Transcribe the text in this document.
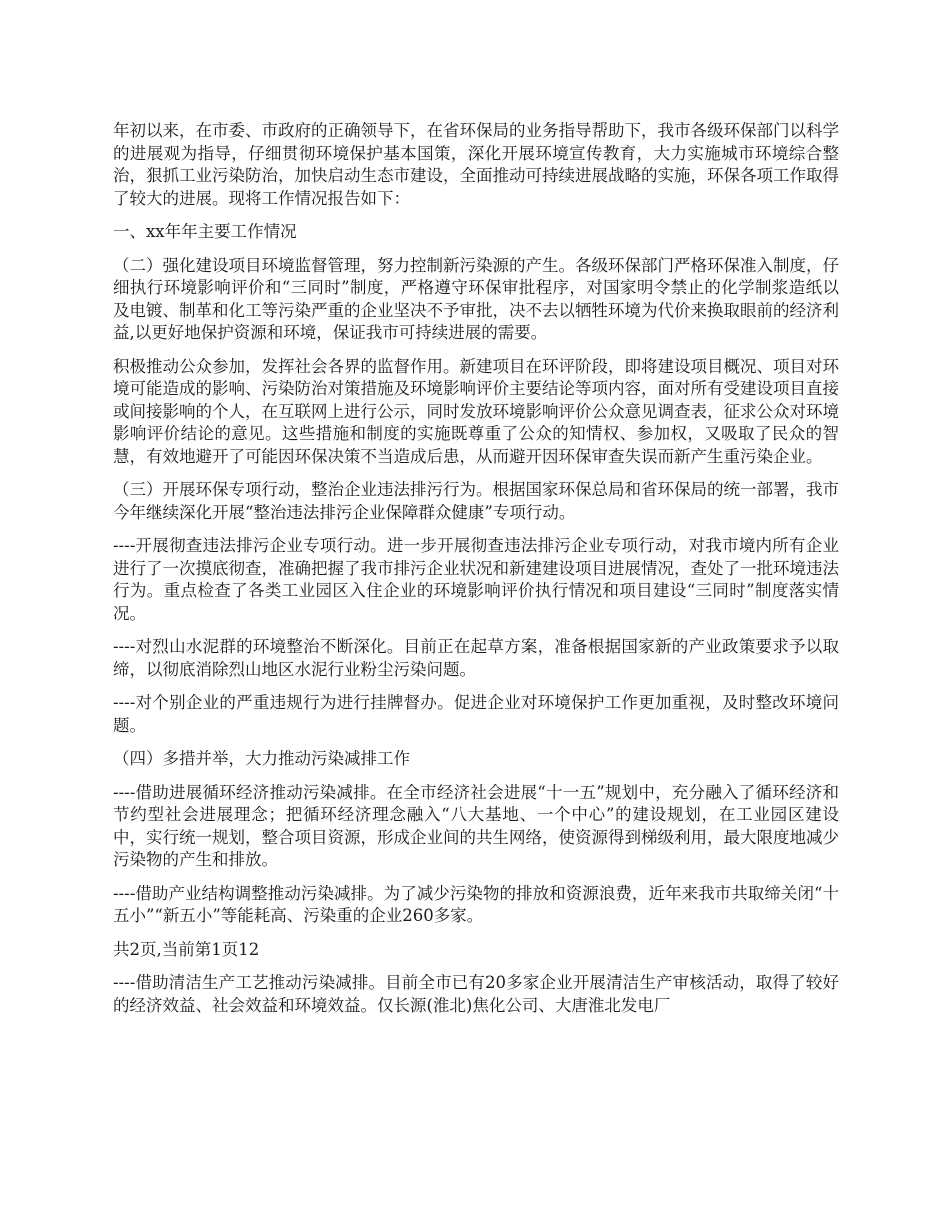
年初以来，在市委、市政府的正确领导下，在省环保局的业务指导帮助下，我市各级环保部门以科学的进展观为指导，仔细贯彻环境保护基本国策，深化开展环境宣传教育，大力实施城市环境综合整治，狠抓工业污染防治，加快启动生态市建设，全面推动可持续进展战略的实施，环保各项工作取得了较大的进展。现将工作情况报告如下：

一、xx年年主要工作情况

（二）强化建设项目环境监督管理，努力控制新污染源的产生。各级环保部门严格环保准入制度，仔细执行环境影响评价和“三同时”制度，严格遵守环保审批程序，对国家明令禁止的化学制浆造纸以及电镀、制革和化工等污染严重的企业坚决不予审批，决不去以牺牲环境为代价来换取眼前的经济利益,以更好地保护资源和环境，保证我市可持续进展的需要。

积极推动公众参加，发挥社会各界的监督作用。新建项目在环评阶段，即将建设项目概况、项目对环境可能造成的影响、污染防治对策措施及环境影响评价主要结论等项内容，面对所有受建设项目直接或间接影响的个人，在互联网上进行公示，同时发放环境影响评价公众意见调查表，征求公众对环境影响评价结论的意见。这些措施和制度的实施既尊重了公众的知情权、参加权，又吸取了民众的智慧，有效地避开了可能因环保决策不当造成后患，从而避开因环保审查失误而新产生重污染企业。

（三）开展环保专项行动，整治企业违法排污行为。根据国家环保总局和省环保局的统一部署，我市今年继续深化开展“整治违法排污企业保障群众健康”专项行动。

----开展彻查违法排污企业专项行动。进一步开展彻查违法排污企业专项行动，对我市境内所有企业进行了一次摸底彻查，准确把握了我市排污企业状况和新建建设项目进展情况，查处了一批环境违法行为。重点检查了各类工业园区入住企业的环境影响评价执行情况和项目建设“三同时”制度落实情况。

----对烈山水泥群的环境整治不断深化。目前正在起草方案，准备根据国家新的产业政策要求予以取缔，以彻底消除烈山地区水泥行业粉尘污染问题。

----对个别企业的严重违规行为进行挂牌督办。促进企业对环境保护工作更加重视，及时整改环境问题。

（四）多措并举，大力推动污染减排工作

----借助进展循环经济推动污染减排。在全市经济社会进展“十一五”规划中，充分融入了循环经济和节约型社会进展理念；把循环经济理念融入“八大基地、一个中心”的建设规划，在工业园区建设中，实行统一规划，整合项目资源，形成企业间的共生网络，使资源得到梯级利用，最大限度地减少污染物的产生和排放。

----借助产业结构调整推动污染减排。为了减少污染物的排放和资源浪费，近年来我市共取缔关闭“十五小”“新五小”等能耗高、污染重的企业260多家。

共2页,当前第1页12

----借助清洁生产工艺推动污染减排。目前全市已有20多家企业开展清洁生产审核活动，取得了较好的经济效益、社会效益和环境效益。仅长源(淮北)焦化公司、大唐淮北发电厂
